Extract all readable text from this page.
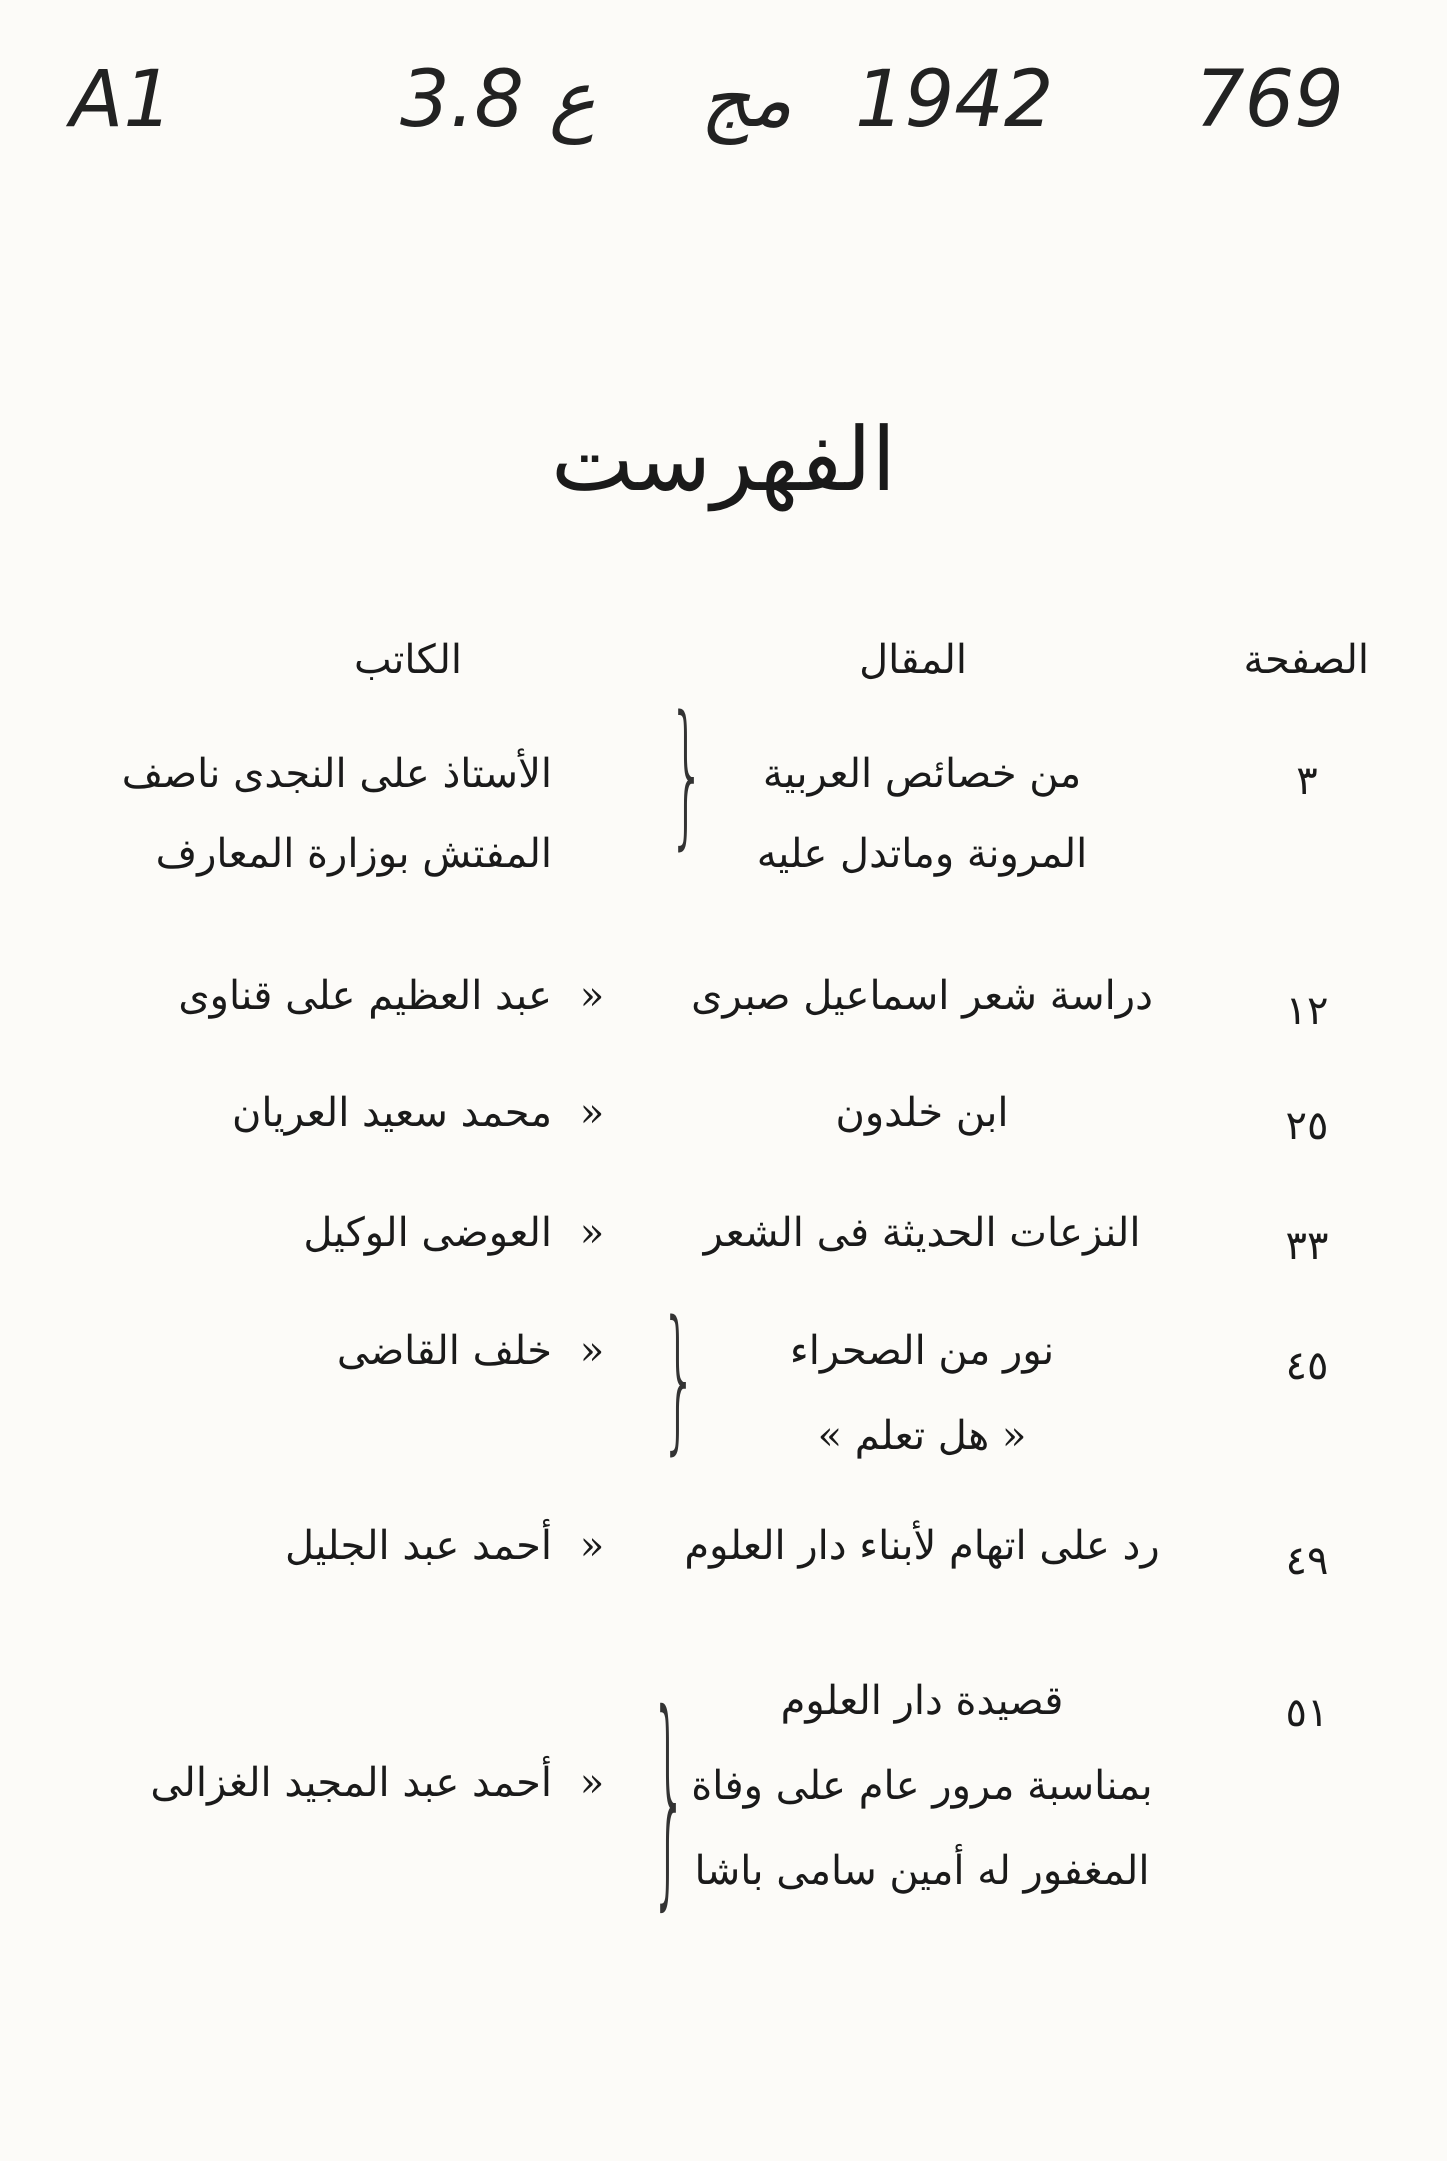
A1	3.ع 8 مج 1942 769
الفهرست
الصفحة
المقال
الكاتب
٣
من خصائص العربية
المرونة وماتدل عليه
}
الأستاذ على النجدى ناصف
المفتش بوزارة المعارف
١٢
دراسة شعر اسماعيل صبرى
«
عبد العظيم على قناوى
٢٥
ابن خلدون
«
محمد سعيد العريان
٣٣
النزعات الحديثة فى الشعر
«
العوضى الوكيل
٤٥
نور من الصحراء
« هل تعلم »
}
«
خلف القاضى
٤٩
رد على اتهام لأبناء دار العلوم
«
أحمد عبد الجليل
٥١
قصيدة دار العلوم
بمناسبة مرور عام على وفاة
المغفور له أمين سامى باشا
}
«
أحمد عبد المجيد الغزالى
